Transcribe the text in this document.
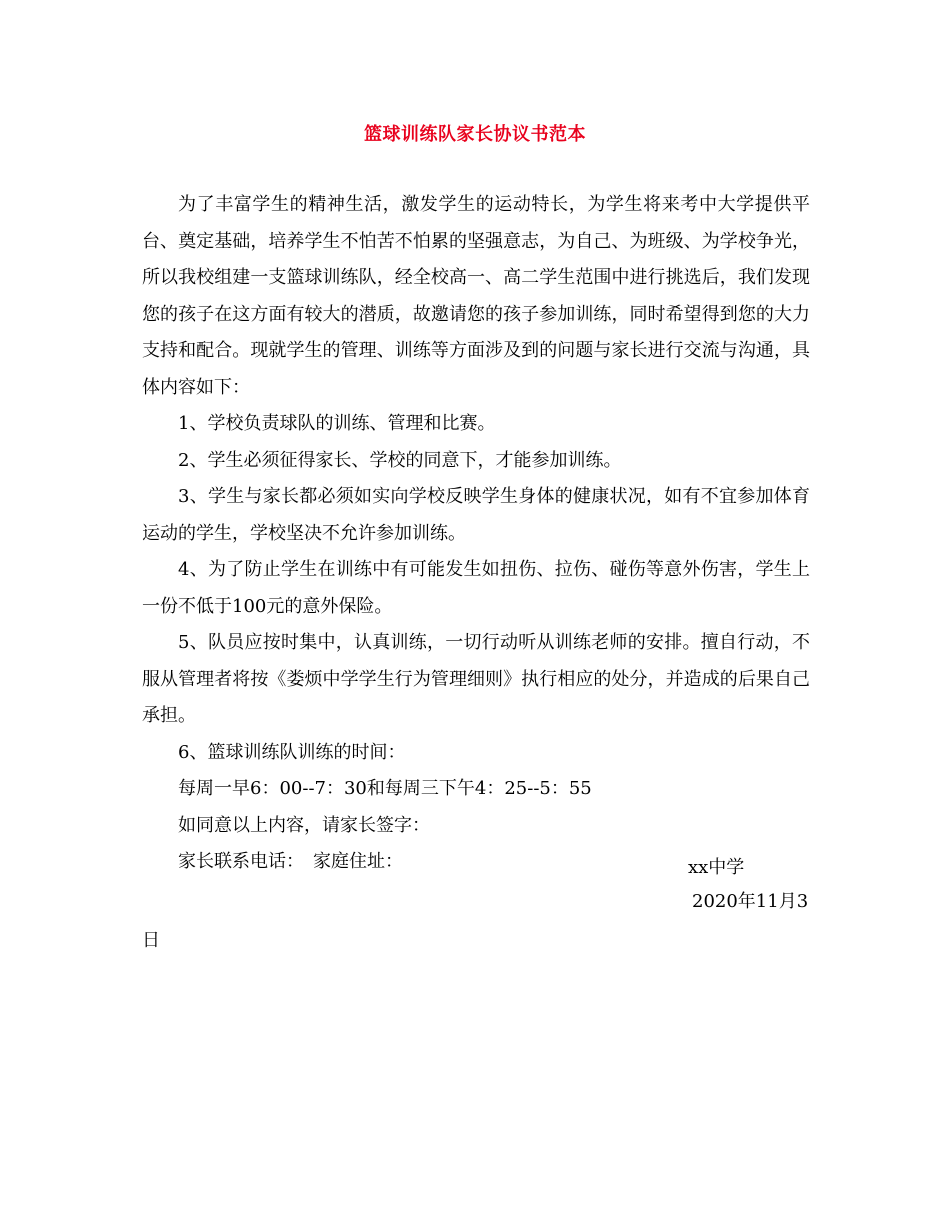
篮球训练队家长协议书范本

为了丰富学生的精神生活，激发学生的运动特长，为学生将来考中大学提供平台、奠定基础，培养学生不怕苦不怕累的坚强意志，为自己、为班级、为学校争光，所以我校组建一支篮球训练队，经全校高一、高二学生范围中进行挑选后，我们发现您的孩子在这方面有较大的潜质，故邀请您的孩子参加训练，同时希望得到您的大力支持和配合。现就学生的管理、训练等方面涉及到的问题与家长进行交流与沟通，具体内容如下：

1、学校负责球队的训练、管理和比赛。

2、学生必须征得家长、学校的同意下，才能参加训练。

3、学生与家长都必须如实向学校反映学生身体的健康状况，如有不宜参加体育运动的学生，学校坚决不允许参加训练。

4、为了防止学生在训练中有可能发生如扭伤、拉伤、碰伤等意外伤害，学生上一份不低于100元的意外保险。

5、队员应按时集中，认真训练，一切行动听从训练老师的安排。擅自行动，不服从管理者将按《娄烦中学学生行为管理细则》执行相应的处分，并造成的后果自己承担。

6、篮球训练队训练的时间：

每周一早6：00--7：30和每周三下午4：25--5：55

如同意以上内容，请家长签字：

家长联系电话：　家庭住址：	xx中学
2020年11月3
日
